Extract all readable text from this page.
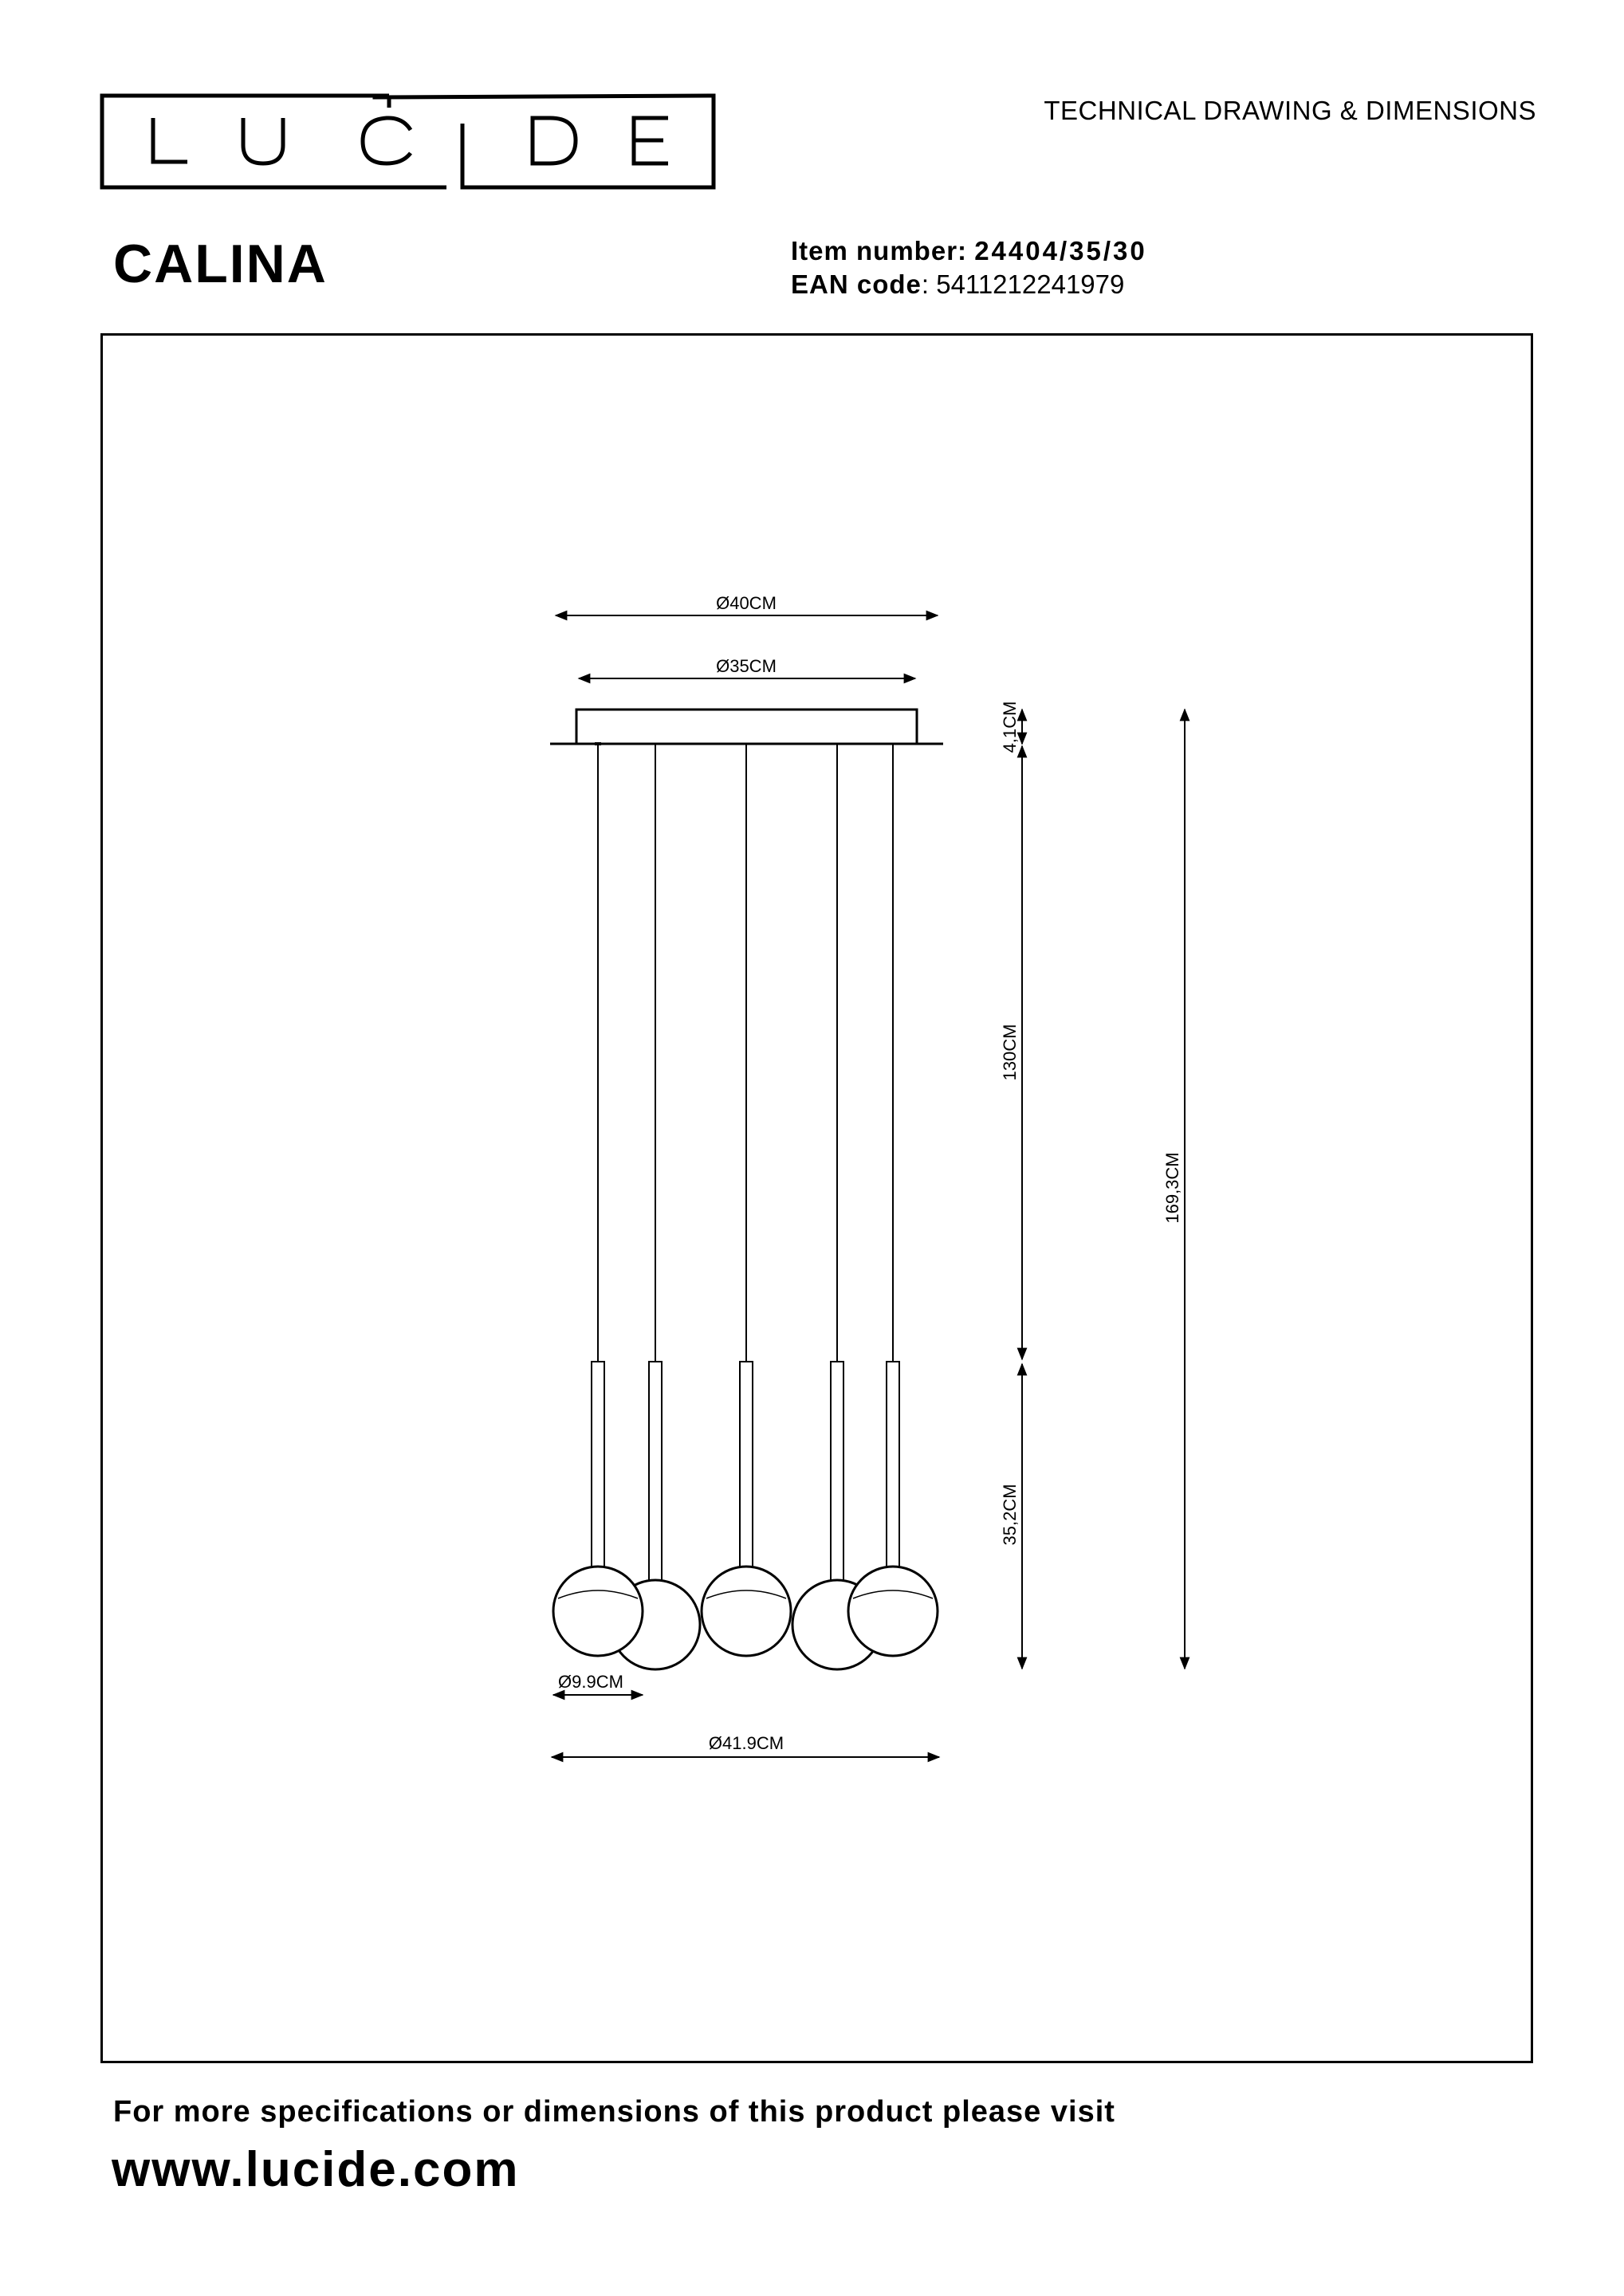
TECHNICAL DRAWING & DIMENSIONS
CALINA	Item number: 24404/35/30
EAN code: 5411212241979
Ø40CM
Ø35CM
Ø9.9CM
Ø41.9CM
4,1CM
130CM
35,2CM
169,3CM
For more specifications or dimensions of this product please visit
www.lucide.com
